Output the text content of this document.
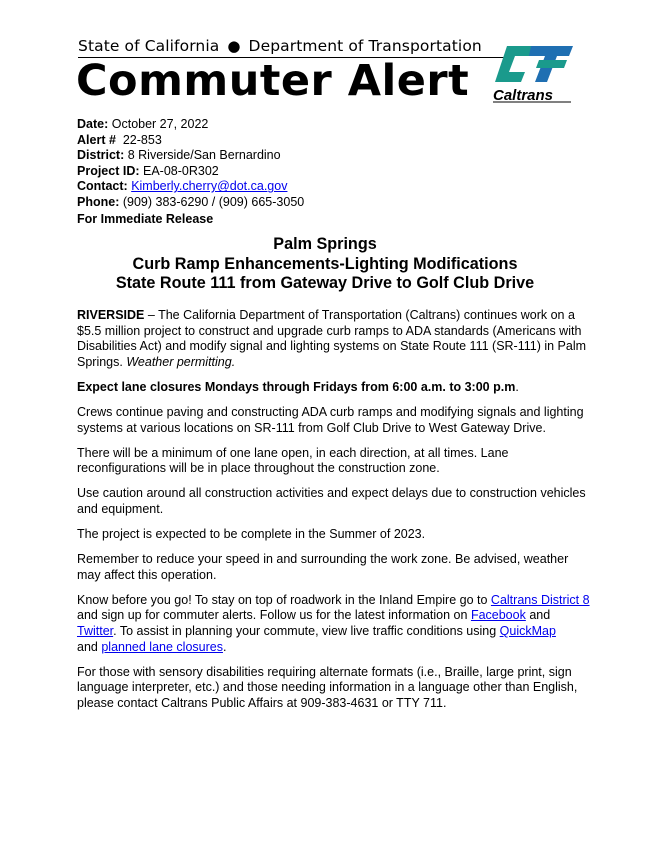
State of California ● Department of Transportation
Commuter Alert Caltrans
Date: October 27, 2022
Alert # 22-853
District: 8 Riverside/San Bernardino
Project ID: EA-08-0R302
Contact: Kimberly.cherry@dot.ca.gov
Phone: (909) 383-6290 / (909) 665-3050
For Immediate Release
Palm Springs
Curb Ramp Enhancements-Lighting Modifications
State Route 111 from Gateway Drive to Golf Club Drive

RIVERSIDE – The California Department of Transportation (Caltrans) continues work on a $5.5 million project to construct and upgrade curb ramps to ADA standards (Americans with Disabilities Act) and modify signal and lighting systems on State Route 111 (SR-111) in Palm Springs. Weather permitting.

Expect lane closures Mondays through Fridays from 6:00 a.m. to 3:00 p.m.

Crews continue paving and constructing ADA curb ramps and modifying signals and lighting systems at various locations on SR-111 from Golf Club Drive to West Gateway Drive.

There will be a minimum of one lane open, in each direction, at all times. Lane reconfigurations will be in place throughout the construction zone.

Use caution around all construction activities and expect delays due to construction vehicles and equipment.

The project is expected to be complete in the Summer of 2023.

Remember to reduce your speed in and surrounding the work zone. Be advised, weather may affect this operation.

Know before you go! To stay on top of roadwork in the Inland Empire go to Caltrans District 8 and sign up for commuter alerts. Follow us for the latest information on Facebook and Twitter. To assist in planning your commute, view live traffic conditions using QuickMap
and planned lane closures.

For those with sensory disabilities requiring alternate formats (i.e., Braille, large print, sign language interpreter, etc.) and those needing information in a language other than English, please contact Caltrans Public Affairs at 909-383-4631 or TTY 711.
